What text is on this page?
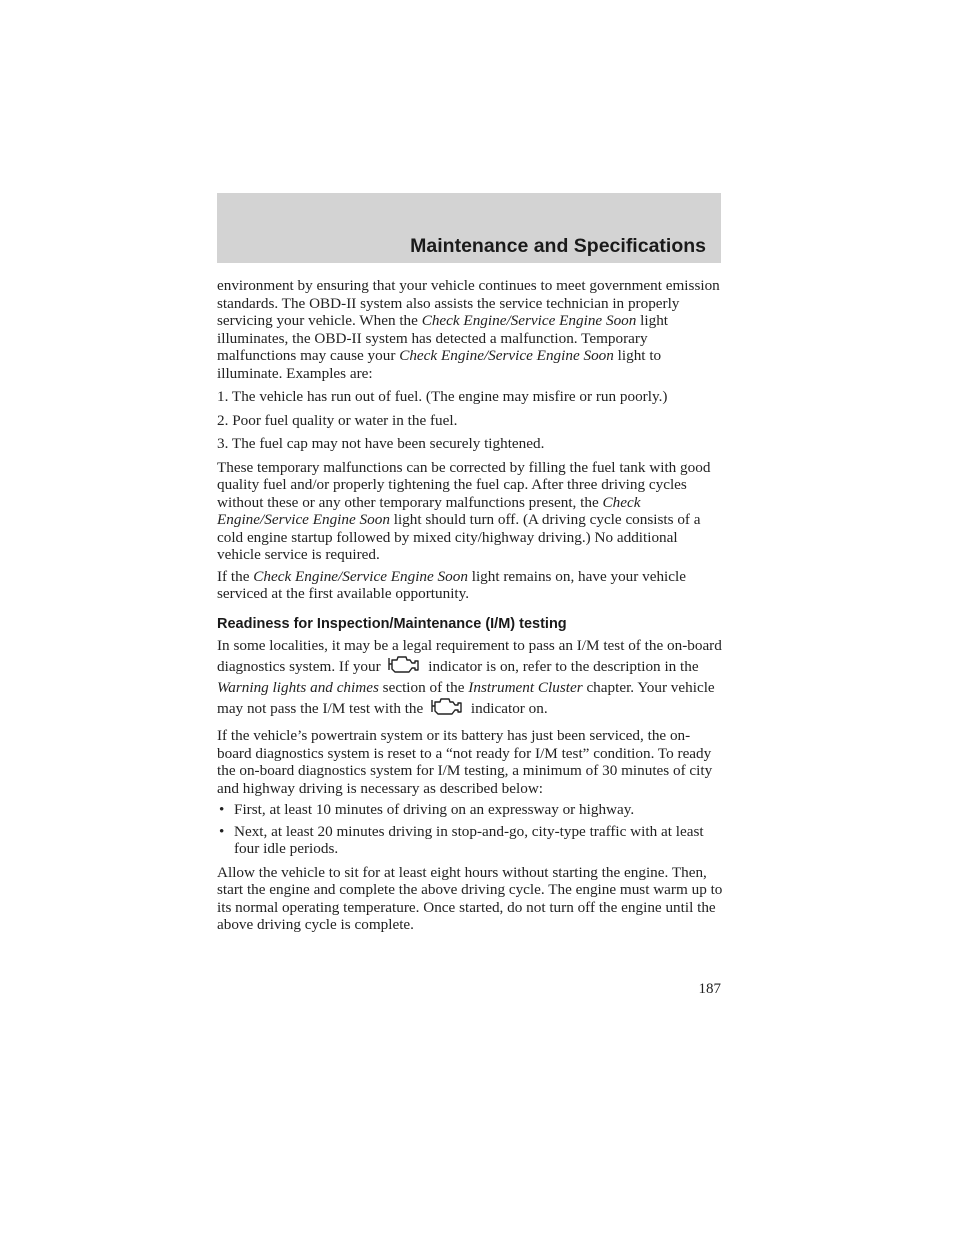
Maintenance and Specifications

environment by ensuring that your vehicle continues to meet government emission standards. The OBD-II system also assists the service technician in properly servicing your vehicle. When the Check Engine/Service Engine Soon light illuminates, the OBD-II system has detected a malfunction. Temporary malfunctions may cause your Check Engine/Service Engine Soon light to illuminate. Examples are:

1. The vehicle has run out of fuel. (The engine may misfire or run poorly.)

2. Poor fuel quality or water in the fuel.

3. The fuel cap may not have been securely tightened.

These temporary malfunctions can be corrected by filling the fuel tank with good quality fuel and/or properly tightening the fuel cap. After three driving cycles without these or any other temporary malfunctions present, the Check Engine/Service Engine Soon light should turn off. (A driving cycle consists of a cold engine startup followed by mixed city/highway driving.) No additional vehicle service is required.

If the Check Engine/Service Engine Soon light remains on, have your vehicle serviced at the first available opportunity.

Readiness for Inspection/Maintenance (I/M) testing

In some localities, it may be a legal requirement to pass an I/M test of the on-board diagnostics system. If your	indicator is on, refer to the description in the Warning lights and chimes section of the Instrument Cluster chapter. Your vehicle may not pass the I/M test with the	indicator on.

If the vehicle’s powertrain system or its battery has just been serviced, the on-board diagnostics system is reset to a “not ready for I/M test” condition. To ready the on-board diagnostics system for I/M testing, a minimum of 30 minutes of city and highway driving is necessary as described below:

• First, at least 10 minutes of driving on an expressway or highway.

• Next, at least 20 minutes driving in stop-and-go, city-type traffic with at least four idle periods.

Allow the vehicle to sit for at least eight hours without starting the engine. Then, start the engine and complete the above driving cycle. The engine must warm up to its normal operating temperature. Once started, do not turn off the engine until the above driving cycle is complete.

187
